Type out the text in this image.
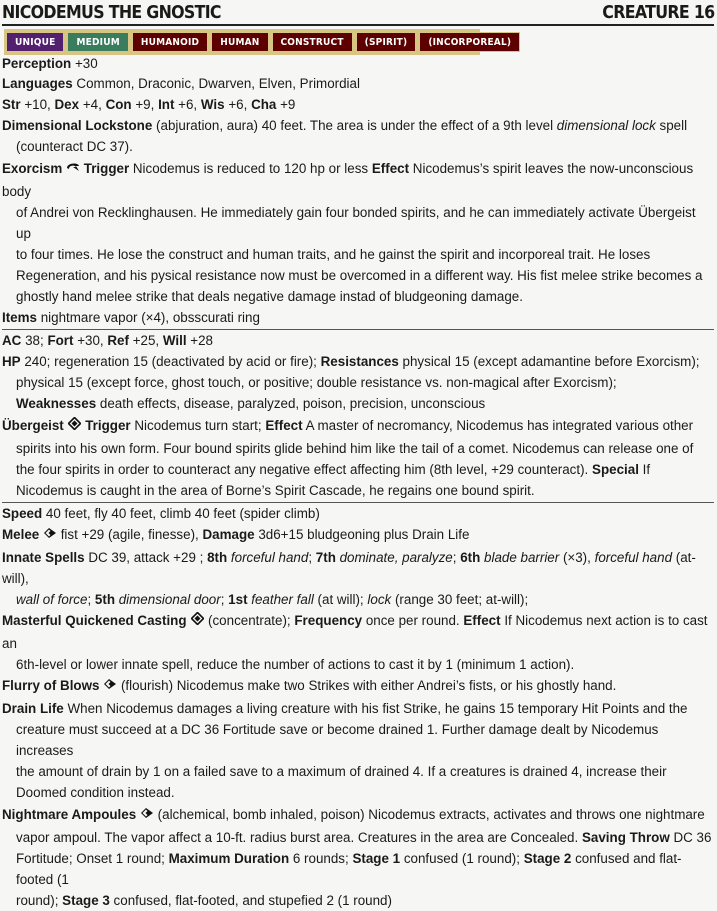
NICODEMUS THE GNOSTIC	CREATURE 16
UNIQUE	MEDIUM	HUMANOID	HUMAN	CONSTRUCT	(SPIRIT)	(INCORPOREAL)
Perception +30
Languages Common, Draconic, Dwarven, Elven, Primordial
Str +10, Dex +4, Con +9, Int +6, Wis +6, Cha +9
Dimensional Lockstone (abjuration, aura) 40 feet. The area is under the effect of a 9th level dimensional lock spell
(counteract DC 37).
Exorcism Trigger Nicodemus is reduced to 120 hp or less Effect Nicodemus’s spirit leaves the now-unconscious body
of Andrei von Recklinghausen. He immediately gain four bonded spirits, and he can immediately activate Übergeist up
to four times. He lose the construct and human traits, and he gainst the spirit and incorporeal trait. He loses
Regeneration, and his pysical resistance now must be overcomed in a different way. His fist melee strike becomes a
ghostly hand melee strike that deals negative damage instad of bludgeoning damage.
Items nightmare vapor (×4), obsscurati ring
AC 38; Fort +30, Ref +25, Will +28
HP 240; regeneration 15 (deactivated by acid or fire); Resistances physical 15 (except adamantine before Exorcism);
physical 15 (except force, ghost touch, or positive; double resistance vs. non-magical after Exorcism);
Weaknesses death effects, disease, paralyzed, poison, precision, unconscious
Übergeist Trigger Nicodemus turn start; Effect A master of necromancy, Nicodemus has integrated various other
spirits into his own form. Four bound spirits glide behind him like the tail of a comet. Nicodemus can release one of
the four spirits in order to counteract any negative effect affecting him (8th level, +29 counteract). Special If
Nicodemus is caught in the area of Borne’s Spirit Cascade, he regains one bound spirit.
Speed 40 feet, fly 40 feet, climb 40 feet (spider climb)
Melee fist +29 (agile, finesse), Damage 3d6+15 bludgeoning plus Drain Life
Innate Spells DC 39, attack +29 ; 8th forceful hand; 7th dominate, paralyze; 6th blade barrier (×3), forceful hand (at-will),
wall of force; 5th dimensional door; 1st feather fall (at will); lock (range 30 feet; at-will);
Masterful Quickened Casting (concentrate); Frequency once per round. Effect If Nicodemus next action is to cast an
6th-level or lower innate spell, reduce the number of actions to cast it by 1 (minimum 1 action).
Flurry of Blows (flourish) Nicodemus make two Strikes with either Andrei’s fists, or his ghostly hand.
Drain Life When Nicodemus damages a living creature with his fist Strike, he gains 15 temporary Hit Points and the
creature must succeed at a DC 36 Fortitude save or become drained 1. Further damage dealt by Nicodemus increases
the amount of drain by 1 on a failed save to a maximum of drained 4. If a creatures is drained 4, increase their
Doomed condition instead.
Nightmare Ampoules (alchemical, bomb inhaled, poison) Nicodemus extracts, activates and throws one nightmare
vapor ampoul. The vapor affect a 10-ft. radius burst area. Creatures in the area are Concealed. Saving Throw DC 36
Fortitude; Onset 1 round; Maximum Duration 6 rounds; Stage 1 confused (1 round); Stage 2 confused and flat-footed (1
round); Stage 3 confused, flat-footed, and stupefied 2 (1 round)
